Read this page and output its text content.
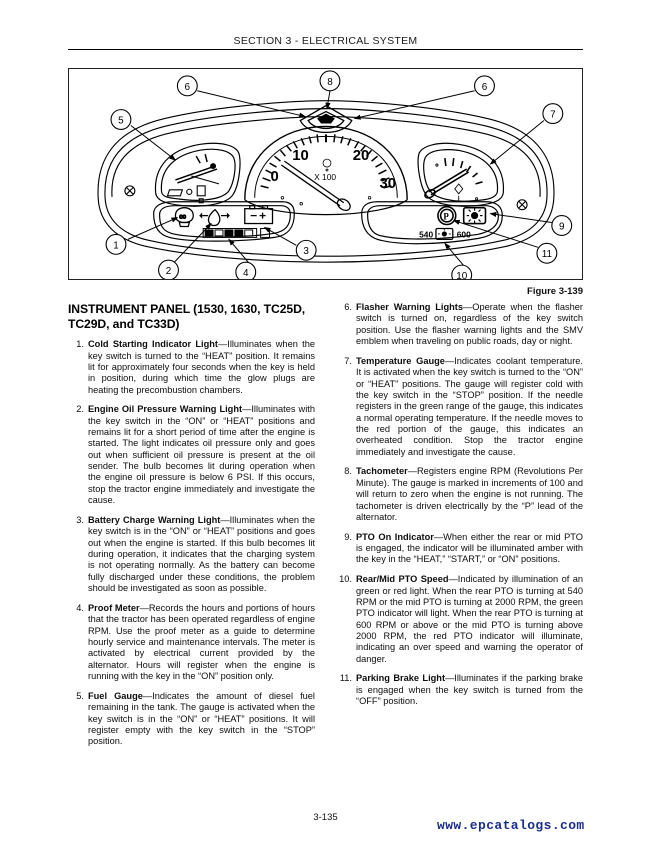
SECTION 3 - ELECTRICAL SYSTEM
0
10	20
30
X 100
oo	P
540	600
1
2
3
4
5
6	6
7
8
9
10
11
Figure 3-139
INSTRUMENT PANEL (1530, 1630, TC25D, TC29D, and TC33D)
1. Cold Starting Indicator Light—Illuminates when the key switch is turned to the “HEAT” position. It remains lit for approximately four seconds when the key is held in position, during which time the glow plugs are heating the precombustion chambers.
2. Engine Oil Pressure Warning Light—Illuminates with the key switch in the “ON” or “HEAT” positions and remains lit for a short period of time after the engine is started. The light indicates oil pressure only and goes out when sufficient oil pressure is present at the oil sender. The bulb becomes lit during operation when the engine oil pressure is below 6 PSI. If this occurs, stop the tractor engine immediately and investigate the cause.
3. Battery Charge Warning Light—Illuminates when the key switch is in the “ON” or “HEAT” positions and goes out when the engine is started. If this bulb becomes lit during operation, it indicates that the charging system is not operating normally. As the battery can become fully discharged under these conditions, the problem should be investigated as soon as possible.
4. Proof Meter—Records the hours and portions of hours that the tractor has been operated regardless of engine RPM. Use the proof meter as a guide to determine hourly service and maintenance intervals. The meter is activated by electrical current provided by the alternator. Hours will register when the engine is running with the key in the “ON” position only.
5. Fuel Gauge—Indicates the amount of diesel fuel remaining in the tank. The gauge is activated when the key switch is in the “ON” or “HEAT” positions. It will register empty with the key switch in the “STOP” position.
6. Flasher Warning Lights—Operate when the flasher switch is turned on, regardless of the key switch position. Use the flasher warning lights and the SMV emblem when traveling on public roads, day or night.
7. Temperature Gauge—Indicates coolant temperature. It is activated when the key switch is turned to the “ON” or “HEAT” positions. The gauge will register cold with the key switch in the “STOP” position. If the needle registers in the green range of the gauge, this indicates a normal operating temperature. If the needle moves to the red portion of the gauge, this indicates an overheated condition. Stop the tractor engine immediately and investigate the cause.
8. Tachometer—Registers engine RPM (Revolutions Per Minute). The gauge is marked in increments of 100 and will return to zero when the engine is not running. The tachometer is driven electrically by the “P” lead of the alternator.
9. PTO On Indicator—When either the rear or mid PTO is engaged, the indicator will be illuminated amber with the key in the “HEAT,” “START,” or “ON” positions.
10. Rear/Mid PTO Speed—Indicated by illumination of an green or red light. When the rear PTO is turning at 540 RPM or the mid PTO is turning at 2000 RPM, the green PTO indicator will light. When the rear PTO is turning at 600 RPM or above or the mid PTO is turning above 2000 RPM, the red PTO indicator will illuminate, indicating an over speed and warning the operator of danger.
11. Parking Brake Light—Illuminates if the parking brake is engaged when the key switch is turned from the “OFF” position.
3-135
www.epcatalogs.com
